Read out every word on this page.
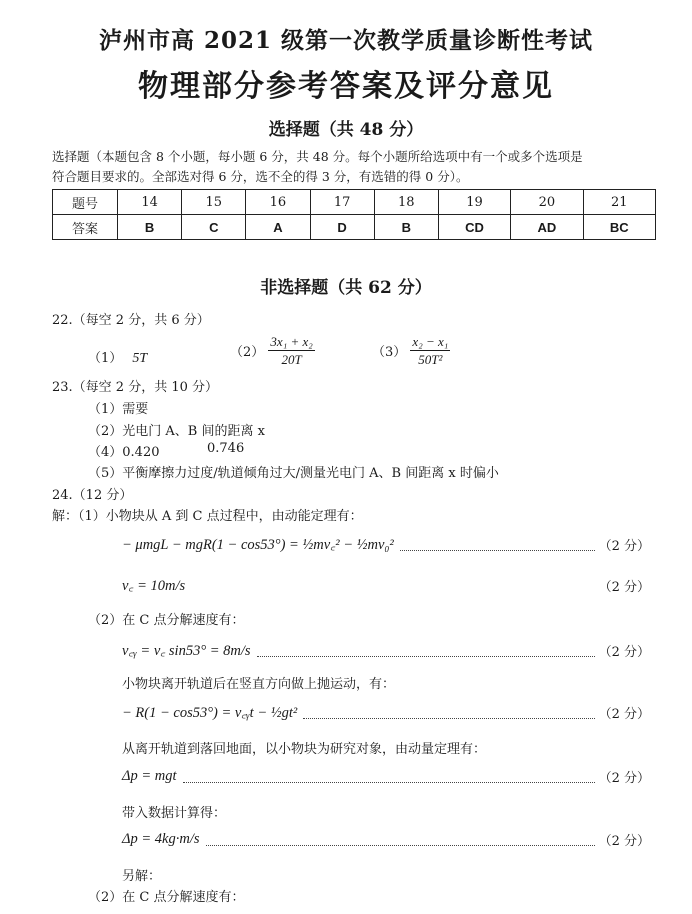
泸州市高 2021 级第一次教学质量诊断性考试
物理部分参考答案及评分意见
选择题（共 48 分）
选择题（本题包含 8 个小题，每小题 6 分，共 48 分。每个小题所给选项中有一个或多个选项是
符合题目要求的。全部选对得 6 分，选不全的得 3 分，有选错的得 0 分）。
题号	14	15	16	17	18	19	20	21
答案	B	C	A	D	B	CD	AD	BC
非选择题（共 62 分）
22.（每空 2 分，共 6 分）
（1） 5T	$(2) \frac{\text{3x₁ + x₂}}{20T}$	$(3) \frac{\text{x₂ − x₁}}{\text{50T²}}$
23.（每空 2 分，共 10 分）
（1）需要
（2）光电门 A、B 间的距离 x
（4）0.420	0.746
（5）平衡摩擦力过度/轨道倾角过大/测量光电门 A、B 间距离 x 时偏小
24.（12 分）
解：（1）小物块从 A 到 C 点过程中，由动能定理有：
− μmgL − mgR(1 − cos53°) = ½mv꜀² − ½mv₀²	（2 分）
v꜀ = 10m/s	（2 分）
（2）在 C 点分解速度有：
v꜀ᵧ = v꜀ sin53° = 8m/s	（2 分）
小物块离开轨道后在竖直方向做上抛运动，有：
− R(1 − cos53°) = v꜀ᵧt − ½gt²	（2 分）
从离开轨道到落回地面，以小物块为研究对象，由动量定理有：
Δp = mgt	（2 分）
带入数据计算得：
Δp = 4kg·m/s	（2 分）
另解：
（2）在 C 点分解速度有：
